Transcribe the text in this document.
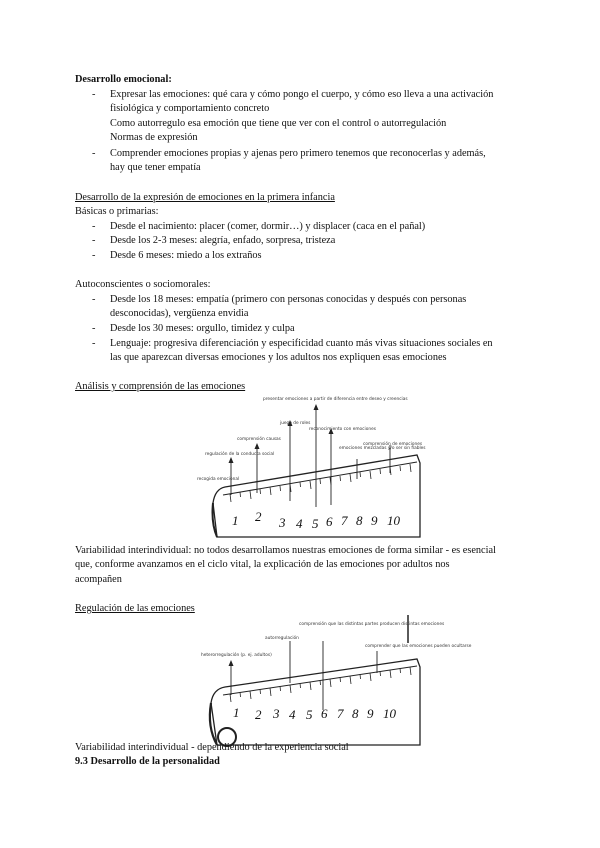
Desarrollo emocional:
- Expresar las emociones: qué cara y cómo pongo el cuerpo, y cómo eso lleva a una activación
fisiológica y comportamiento concreto
Como autorregulo esa emoción que tiene que ver con el control o autorregulación
Normas de expresión
- Comprender emociones propias y ajenas pero primero tenemos que reconocerlas y además,
hay que tener empatía
Desarrollo de la expresión de emociones en la primera infancia
Básicas o primarias:
- Desde el nacimiento: placer (comer, dormir…) y displacer (caca en el pañal)
- Desde los 2-3 meses: alegría, enfado, sorpresa, tristeza
- Desde 6 meses: miedo a los extraños
Autoconscientes o sociomorales:
- Desde los 18 meses: empatía (primero con personas conocidas y después con personas
desconocidas), vergüenza envidia
- Desde los 30 meses: orgullo, timidez y culpa
- Lenguaje: progresiva diferenciación y especificidad cuanto más vivas situaciones sociales en
las que aparezcan diversas emociones y los adultos nos expliquen esas emociones
Análisis y comprensión de las emociones
1 2 3 4 5 6 7 8 9 10
presentar emociones a partir de diferencia entre deseo y creencias
juego de roles
reconocimiento con emociones
comprensión causas
emociones mezcladas y/o ser sin fiables
regulación de la conducta social
comprensión de emociones
recogida emocional
Variabilidad interindividual: no todos desarrollamos nuestras emociones de forma similar - es esencial
que, conforme avanzamos en el ciclo vital, la explicación de las emociones por adultos nos
acompañen
Regulación de las emociones
1 2 3 4 5 6 7 8 9 10
comprensión que las distintas partes producen distintas emociones
autorregulación
heterorregulación (p. ej. adultos)
comprender que las emociones pueden ocultarse
Variabilidad interindividual - dependiendo de la experiencia social
9.3 Desarrollo de la personalidad
